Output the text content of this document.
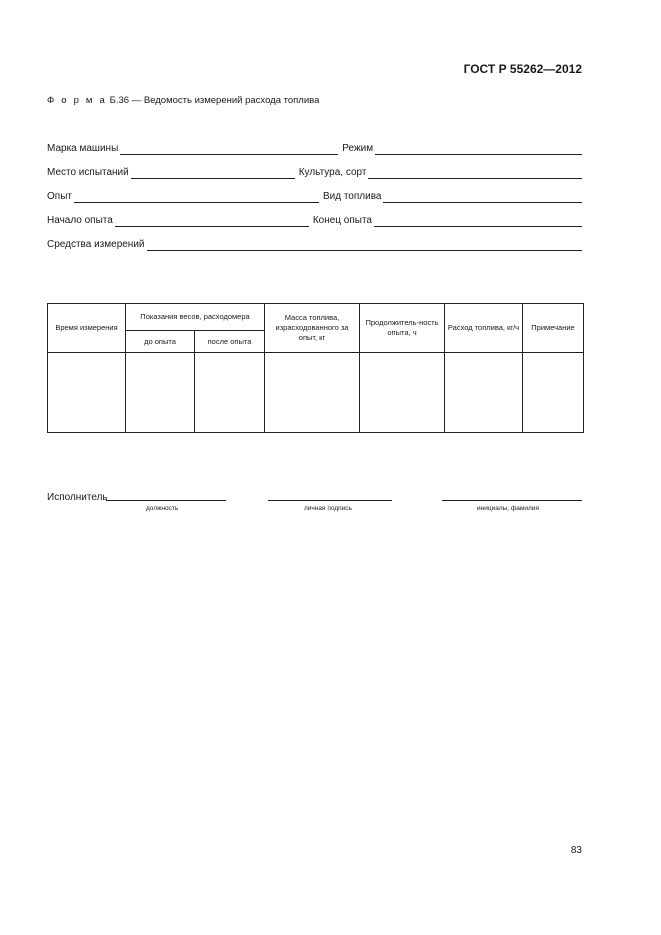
ГОСТ Р 55262—2012
Ф о р м а Б.36 — Ведомость измерений расхода топлива
Марка машины	Режим
Место испытаний	Культура, сорт
Опыт	Вид топлива
Начало опыта	Конец опыта
Средства измерений
Время измерения	Показания весов, расходомера		Масса топлива, израсходованного за опыт, кг	Продолжитель-ность опыта, ч	Расход топлива, кг/ч	Примечание
	до опыта	после опыта				

Исполнитель
должность	личная подпись	инициалы, фамилия
83
